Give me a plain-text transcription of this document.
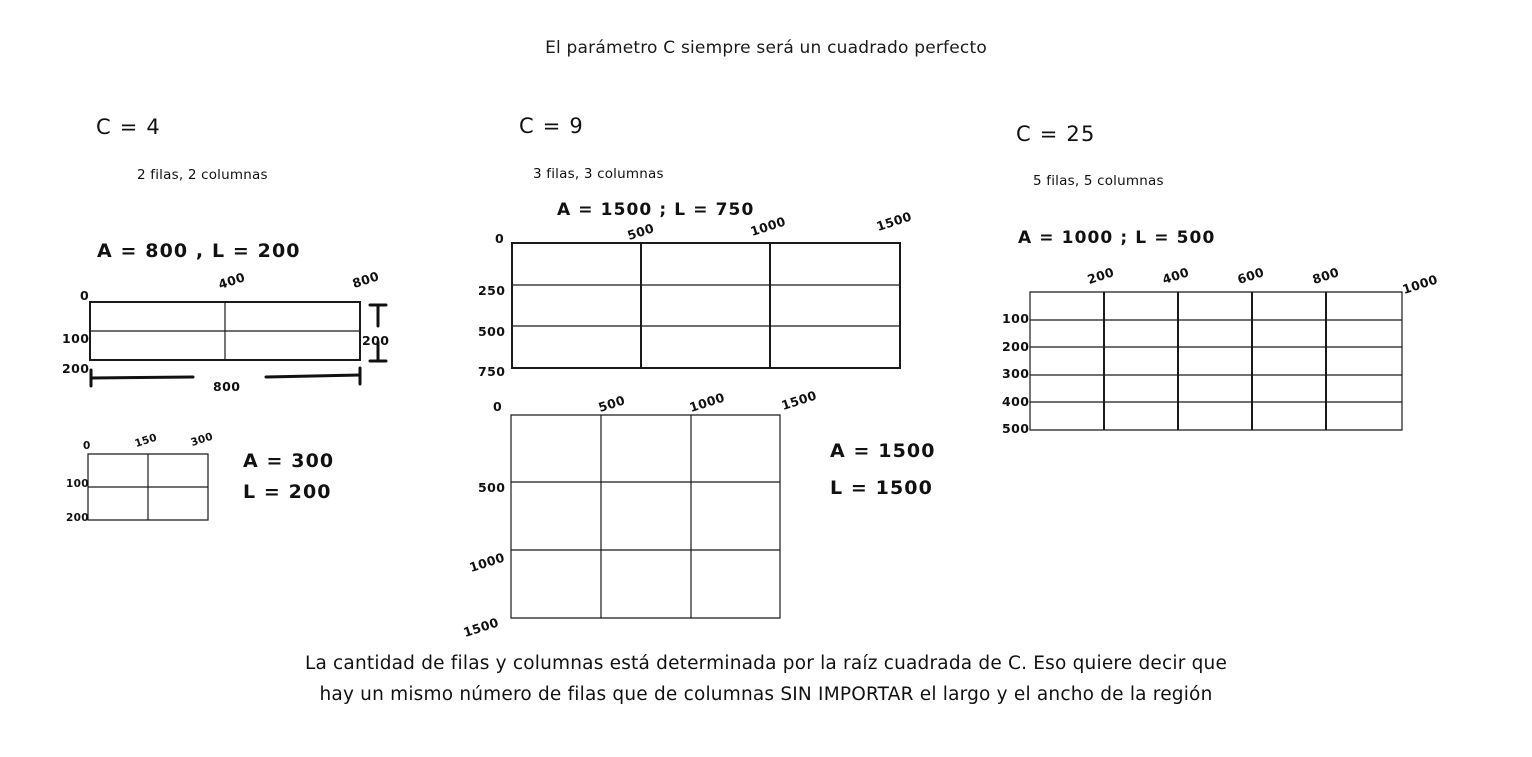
El parámetro C siempre será un cuadrado perfecto
C = 4
2 filas, 2 columnas
A = 800 , L = 200
0
400	800
100
200
800
200
0	150	300
100
200
A = 300
L = 200
C = 9
3 filas, 3 columnas
A = 1500 ; L = 750
0	500	1000	1500
250
500
750
0	500	1000	1500
500
1000
1500
A = 1500
L = 1500
C = 25
5 filas, 5 columnas
A = 1000 ; L = 500
200	400	600	800	1000
100
200
300
400
500
La cantidad de filas y columnas está determinada por la raíz cuadrada de C. Eso quiere decir que
hay un mismo número de filas que de columnas SIN IMPORTAR el largo y el ancho de la región
